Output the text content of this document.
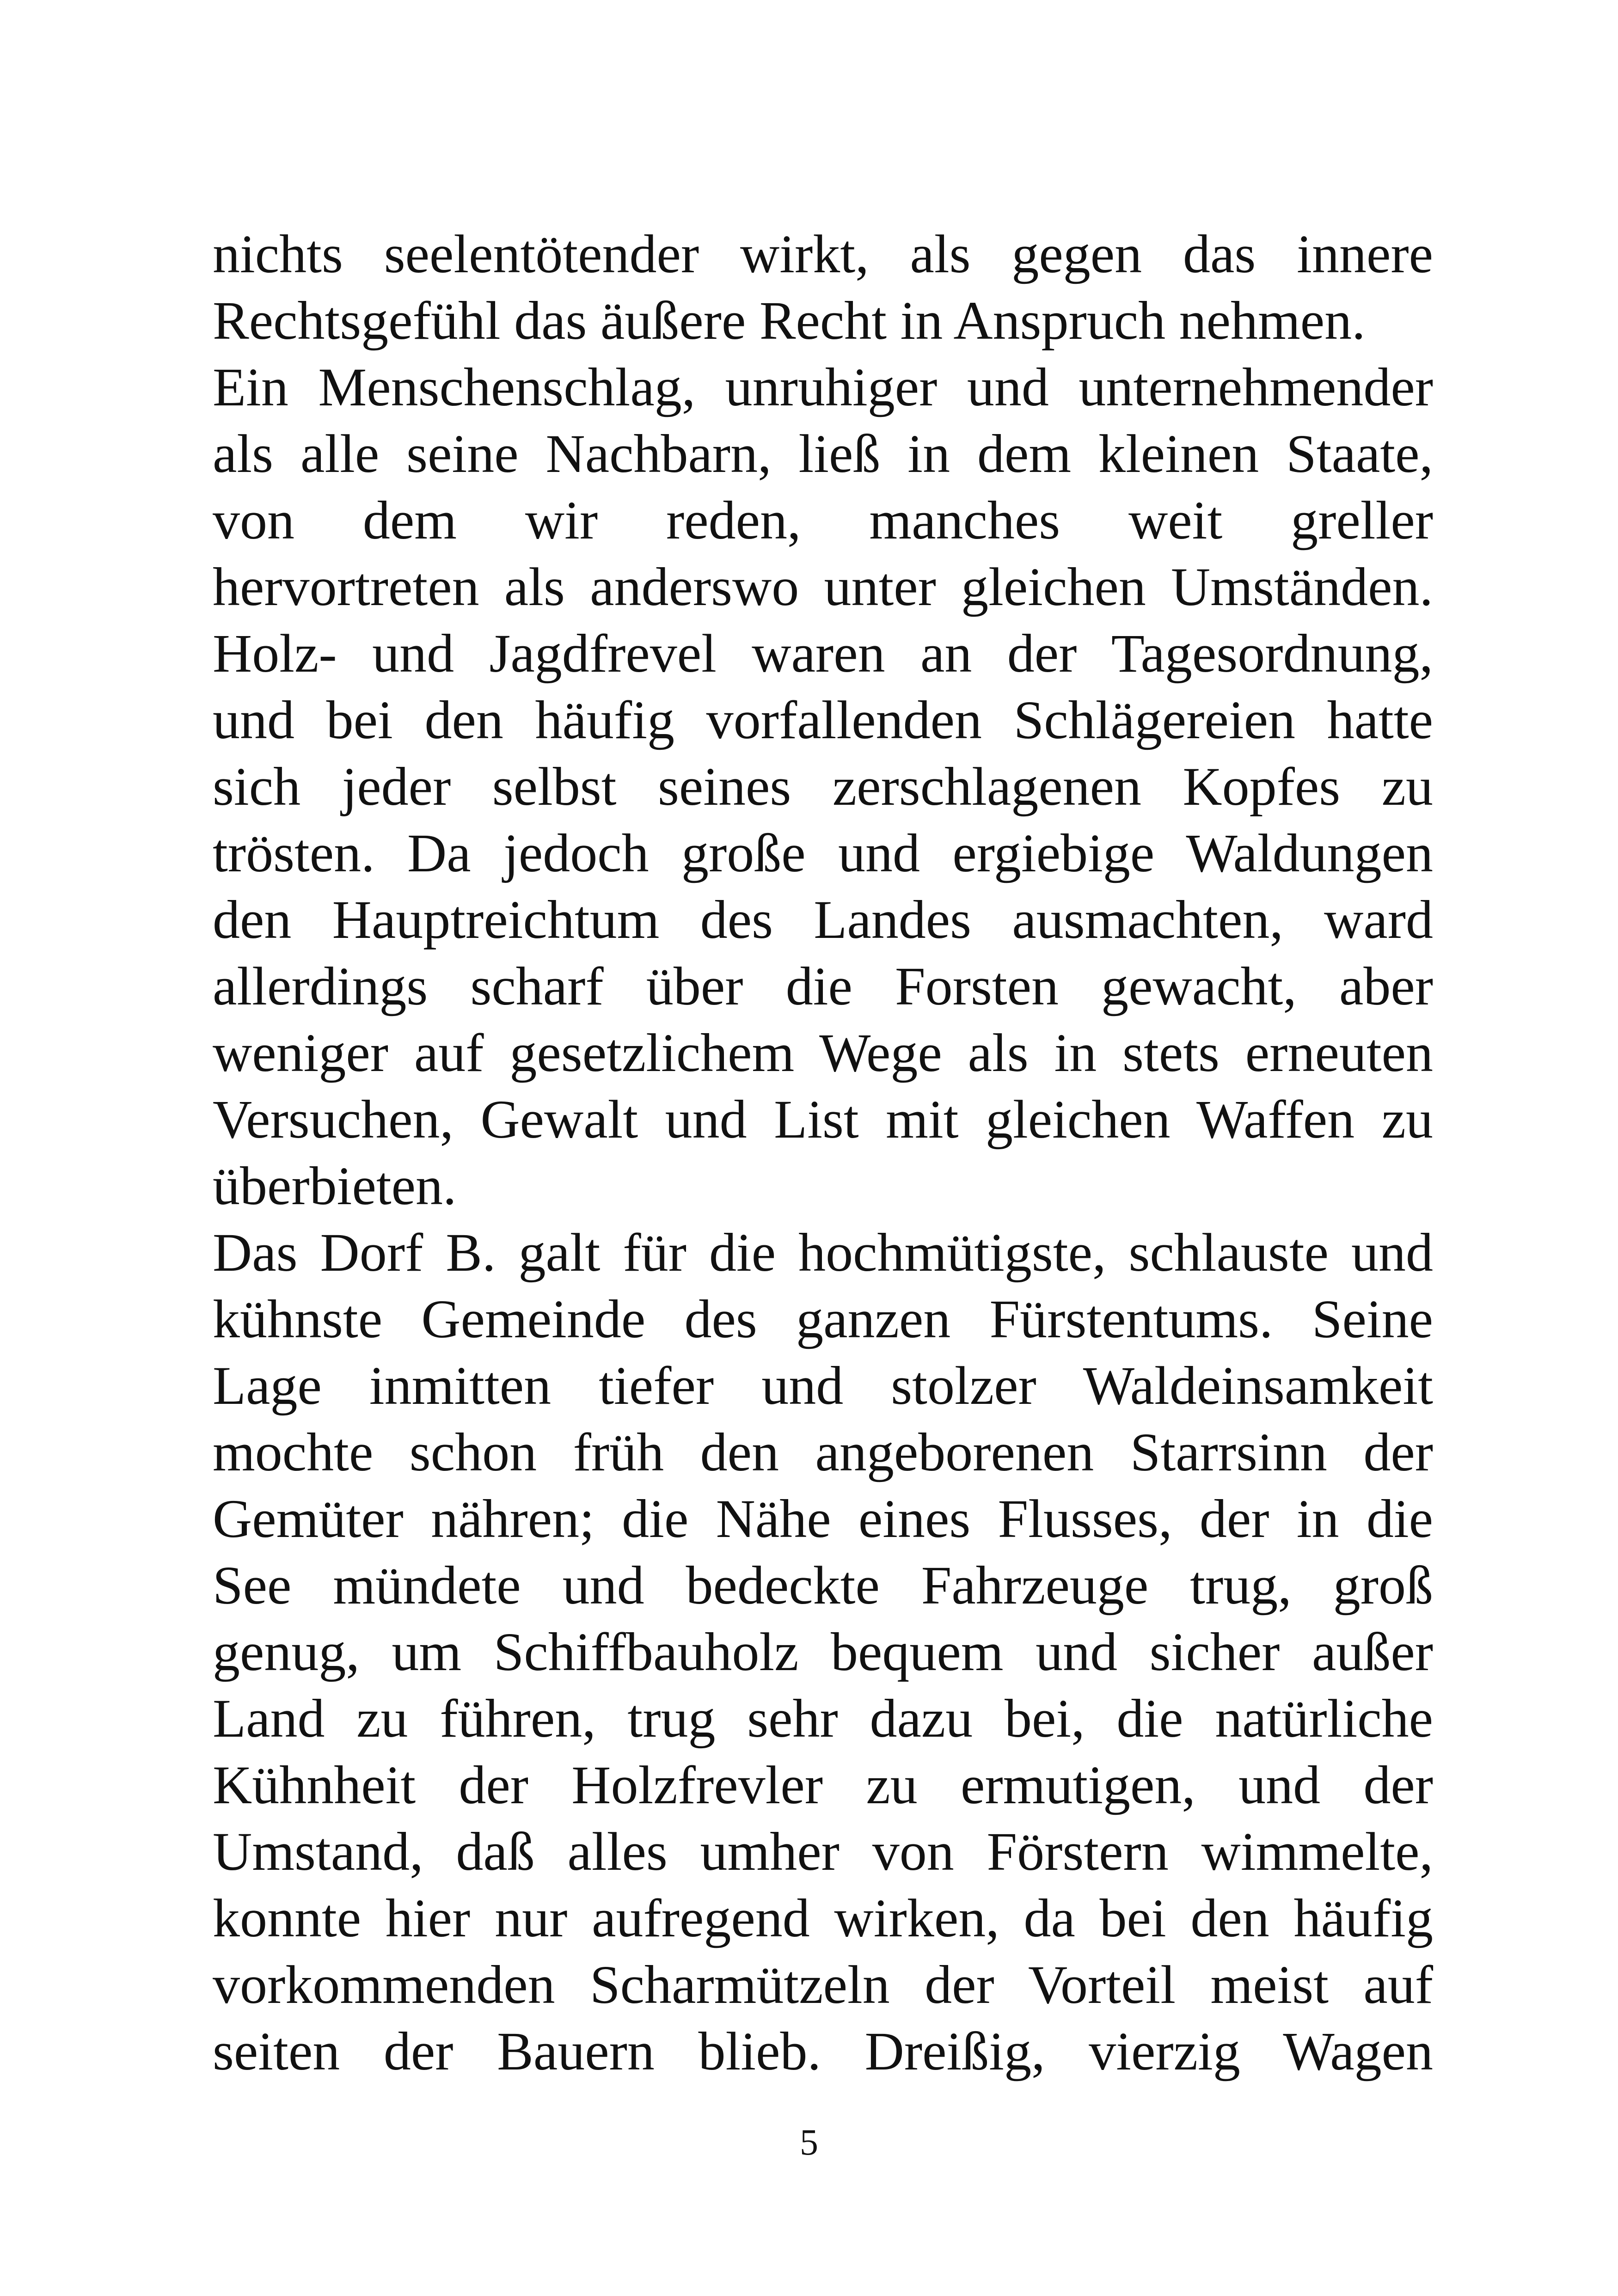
nichts seelentötender wirkt, als gegen das innere
Rechtsgefühl das äußere Recht in Anspruch nehmen.
Ein Menschenschlag, unruhiger und unternehmender
als alle seine Nachbarn, ließ in dem kleinen Staate,
von dem wir reden, manches weit greller
hervortreten als anderswo unter gleichen Umständen.
Holz- und Jagdfrevel waren an der Tagesordnung,
und bei den häufig vorfallenden Schlägereien hatte
sich jeder selbst seines zerschlagenen Kopfes zu
trösten. Da jedoch große und ergiebige Waldungen
den Hauptreichtum des Landes ausmachten, ward
allerdings scharf über die Forsten gewacht, aber
weniger auf gesetzlichem Wege als in stets erneuten
Versuchen, Gewalt und List mit gleichen Waffen zu
überbieten.
Das Dorf B. galt für die hochmütigste, schlauste und
kühnste Gemeinde des ganzen Fürstentums. Seine
Lage inmitten tiefer und stolzer Waldeinsamkeit
mochte schon früh den angeborenen Starrsinn der
Gemüter nähren; die Nähe eines Flusses, der in die
See mündete und bedeckte Fahrzeuge trug, groß
genug, um Schiffbauholz bequem und sicher außer
Land zu führen, trug sehr dazu bei, die natürliche
Kühnheit der Holzfrevler zu ermutigen, und der
Umstand, daß alles umher von Förstern wimmelte,
konnte hier nur aufregend wirken, da bei den häufig
vorkommenden Scharmützeln der Vorteil meist auf
seiten der Bauern blieb. Dreißig, vierzig Wagen
5
